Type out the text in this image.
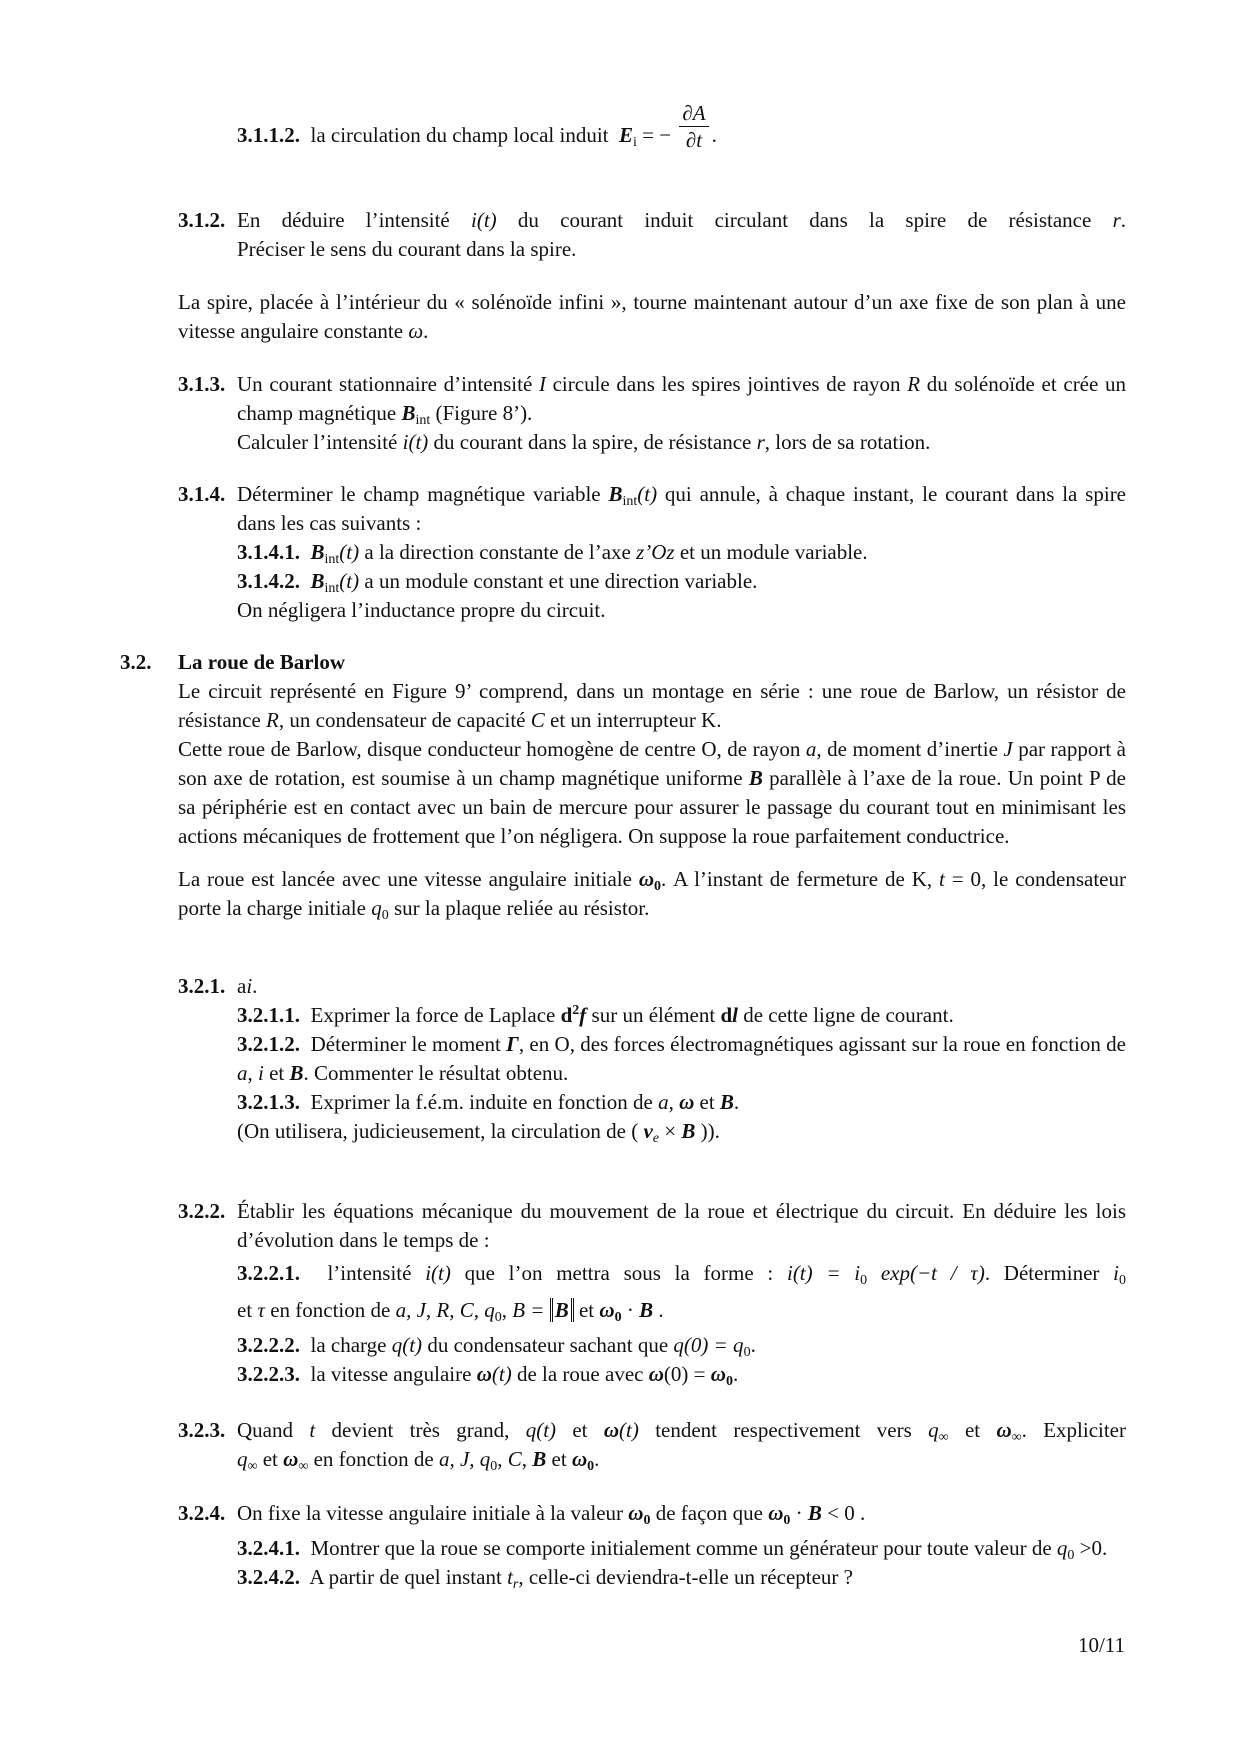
3.1.1.2. la circulation du champ local induit $E_i$ = − $\frac{\partial A}{\partial t}$ .
3.1.2. En déduire l’intensité i(t) du courant induit circulant dans la spire de résistance r.
Préciser le sens du courant dans la spire.
La spire, placée à l’intérieur du « solénoïde infini », tourne maintenant autour d’un axe fixe de son plan à une vitesse angulaire constante ω.
3.1.3. Un courant stationnaire d’intensité I circule dans les spires jointives de rayon R du solénoïde et crée un champ magnétique $B_{int}$ (Figure 8’).
Calculer l’intensité i(t) du courant dans la spire, de résistance r, lors de sa rotation.
3.1.4. Déterminer le champ magnétique variable $B_{int}(t)$ qui annule, à chaque instant, le courant dans la spire dans les cas suivants :
3.1.4.1. $B_{int}(t)$ a la direction constante de l’axe z’Oz et un module variable.
3.1.4.2. $B_{int}(t)$ a un module constant et une direction variable.
On négligera l’inductance propre du circuit.
3.2. La roue de Barlow
Le circuit représenté en Figure 9’ comprend, dans un montage en série : une roue de Barlow, un résistor de résistance R, un condensateur de capacité C et un interrupteur K.
Cette roue de Barlow, disque conducteur homogène de centre O, de rayon a, de moment d’inertie J par rapport à son axe de rotation, est soumise à un champ magnétique uniforme B parallèle à l’axe de la roue. Un point P de sa périphérie est en contact avec un bain de mercure pour assurer le passage du courant tout en minimisant les actions mécaniques de frottement que l’on négligera. On suppose la roue parfaitement conductrice.
La roue est lancée avec une vitesse angulaire initiale $\omega_0$. A l’instant de fermeture de K, t = 0, le condensateur porte la charge initiale $q_0$ sur la plaque reliée au résistor.
3.2.1. ai.
3.2.1.1. Exprimer la force de Laplace $d^2f$ sur un élément dl de cette ligne de courant.
3.2.1.2. Déterminer le moment Γ, en O, des forces électromagnétiques agissant sur la roue en fonction de a, i et B. Commenter le résultat obtenu.
3.2.1.3. Exprimer la f.é.m. induite en fonction de a, ω et B.
(On utilisera, judicieusement, la circulation de ( $v_e \times B$ )).
3.2.2. Établir les équations mécanique du mouvement de la roue et électrique du circuit. En déduire les lois d’évolution dans le temps de :
3.2.2.1. l’intensité i(t) que l’on mettra sous la forme : $i(t) = i_0$ exp(−t / τ). Déterminer $i_0$
et τ en fonction de a, J, R, C, $q_0$, B = B et $\omega_0 \cdot B$ .
3.2.2.2. la charge q(t) du condensateur sachant que $q(0) = q_0$.
3.2.2.3. la vitesse angulaire ω(t) de la roue avec $\omega(0) = \omega_0$.
3.2.3. Quand t devient très grand, q(t) et ω(t) tendent respectivement vers $q_\infty$ et $\omega_\infty$. Expliciter
$q_\infty$ et $\omega_\infty$ en fonction de a, J, $q_0$, C, B et $\omega_0$.
3.2.4. On fixe la vitesse angulaire initiale à la valeur $\omega_0$ de façon que $\omega_0 \cdot B < 0$ .
3.2.4.1. Montrer que la roue se comporte initialement comme un générateur pour toute valeur de $q_0 >0$.
3.2.4.2. A partir de quel instant $t_r$, celle-ci deviendra-t-elle un récepteur ?
10/11
